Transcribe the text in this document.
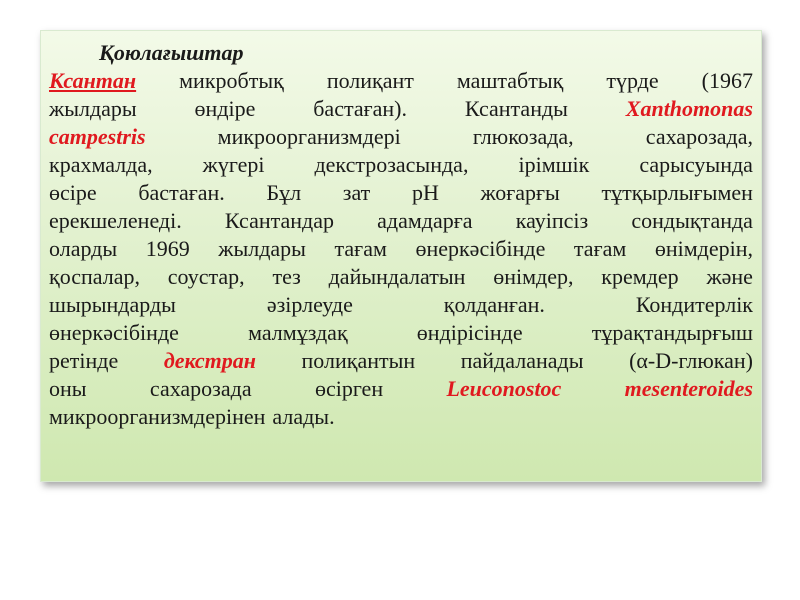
Қоюлағыштар
Ксантан микробтық полиқант маштабтық түрде (1967
жылдары	өндіре	бастаған).	Ксантанды	Xanthomonas
campestris	микроорганизмдері	глюкозада,	сахарозада,
крахмалда, жүгері декстрозасында, ірімшік сарысуында
өсіре бастаған. Бұл зат рН жоғарғы тұтқырлығымен
ерекшеленеді. Ксантандар адамдарға кауіпсіз сондықтанда
оларды 1969 жылдары тағам өнеркәсібінде тағам өнімдерін,
қоспалар, соустар, тез дайындалатын өнімдер, кремдер және
шырындарды	әзірлеуде	қолданған.	Кондитерлік
өнеркәсібінде	малмұздақ	өндірісінде	тұрақтандырғыш
ретінде декстран полиқантын пайдаланады (α-D-глюкан)
оны	сахарозада	өсірген	Leuconostoc	mesenteroides
микроорганизмдерінен алады.
